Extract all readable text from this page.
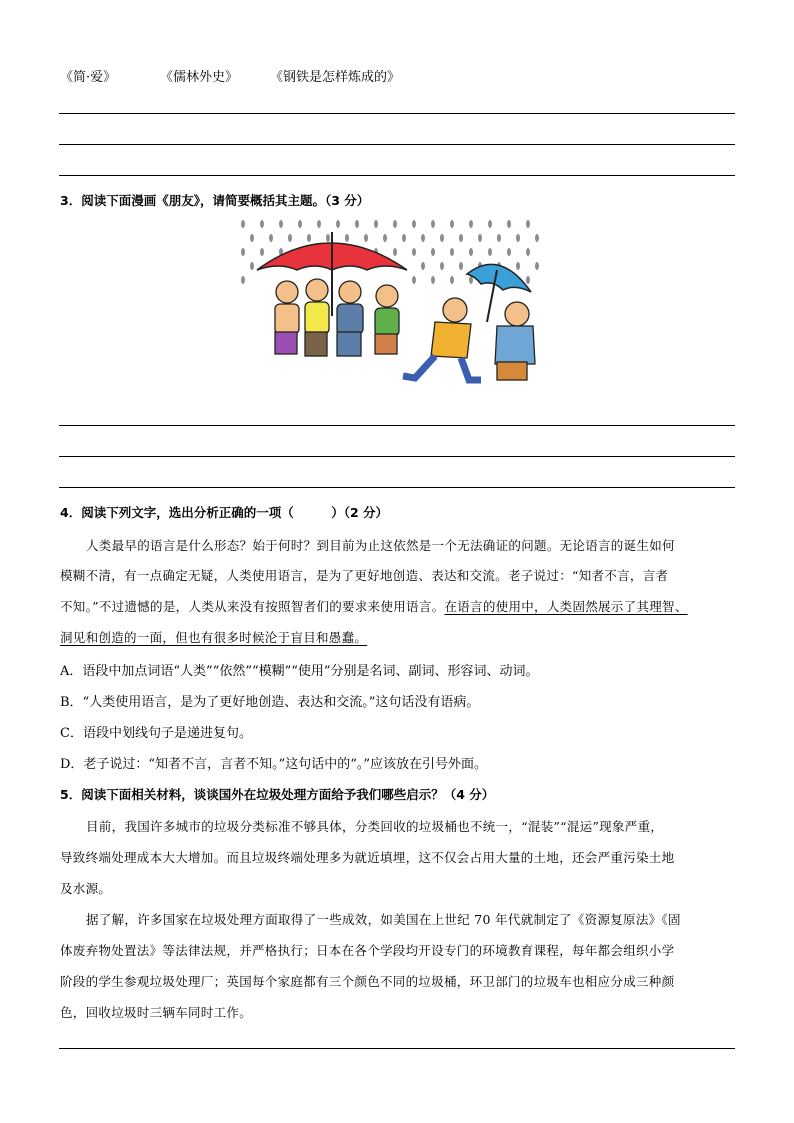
《简·爱》	《儒林外史》 《钢铁是怎样炼成的》
3．阅读下面漫画《朋友》，请简要概括其主题。（3 分）
4．阅读下列文字，选出分析正确的一项（　　　）（2 分）
人类最早的语言是什么形态？始于何时？到目前为止这依然是一个无法确证的问题。无论语言的诞生如何
模糊不清，有一点确定无疑，人类使用语言，是为了更好地创造、表达和交流。老子说过：“知者不言，言者
不知。”不过遗憾的是，人类从来没有按照智者们的要求来使用语言。在语言的使用中，人类固然展示了其理智、
洞见和创造的一面，但也有很多时候沦于盲目和愚蠢。
A．语段中加点词语“人类”“依然”“模糊”“使用”分别是名词、副词、形容词、动词。
B．“人类使用语言，是为了更好地创造、表达和交流。”这句话没有语病。
C．语段中划线句子是递进复句。
D．老子说过：“知者不言，言者不知。”这句话中的“。”应该放在引号外面。
5．阅读下面相关材料，谈谈国外在垃圾处理方面给予我们哪些启示？（4 分）
目前，我国许多城市的垃圾分类标准不够具体，分类回收的垃圾桶也不统一，“混装”“混运”现象严重，
导致终端处理成本大大增加。而且垃圾终端处理多为就近填埋，这不仅会占用大量的土地，还会严重污染土地
及水源。
据了解，许多国家在垃圾处理方面取得了一些成效，如美国在上世纪 70 年代就制定了《资源复原法》《固
体废弃物处置法》等法律法规，并严格执行；日本在各个学段均开设专门的环境教育课程，每年都会组织小学
阶段的学生参观垃圾处理厂；英国每个家庭都有三个颜色不同的垃圾桶，环卫部门的垃圾车也相应分成三种颜
色，回收垃圾时三辆车同时工作。
